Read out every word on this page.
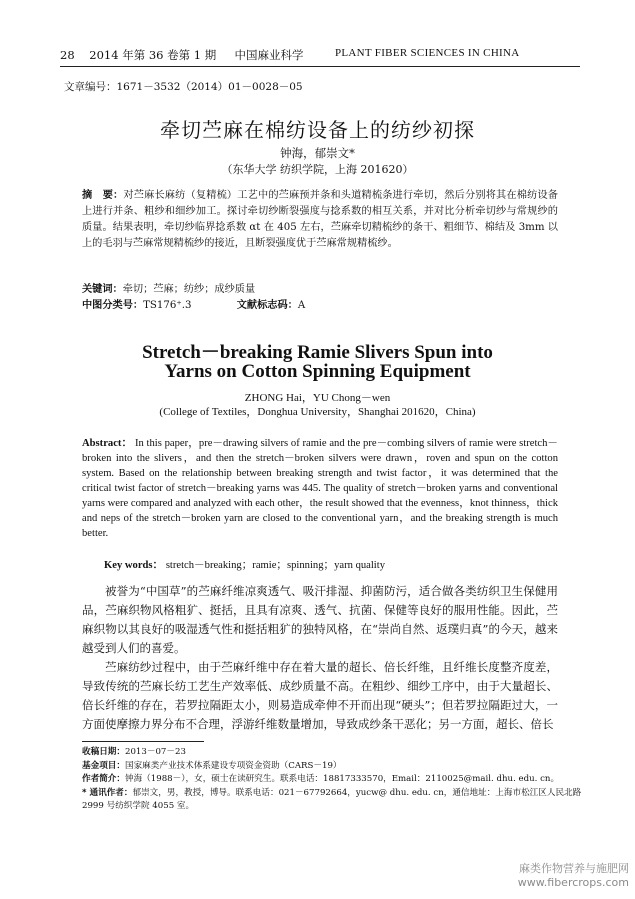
28 2014 年第 36 卷第 1 期 中国麻业科学	PLANT FIBER SCIENCES IN CHINA
文章编号：1671－3532（2014）01－0028－05
牵切苎麻在棉纺设备上的纺纱初探
钟海，郁崇文*
（东华大学 纺织学院，上海 201620）
摘　要：对苎麻长麻纺（复精梳）工艺中的苎麻预并条和头道精梳条进行牵切，然后分别将其在棉纺设备上进行并条、粗纱和细纱加工。探讨牵切纱断裂强度与捻系数的相互关系，并对比分析牵切纱与常规纱的质量。结果表明，牵切纱临界捻系数 αt 在 405 左右，苎麻牵切精梳纱的条干、粗细节、棉结及 3mm 以上的毛羽与苎麻常规精梳纱的接近，且断裂强度优于苎麻常规精梳纱。
关键词：牵切；苎麻；纺纱；成纱质量
中图分类号：TS176⁺.3	文献标志码：A
Stretch－breaking Ramie Slivers Spun into
Yarns on Cotton Spinning Equipment
ZHONG Hai，YU Chong－wen
(College of Textiles，Donghua University，Shanghai 201620，China)
Abstract： In this paper，pre－drawing silvers of ramie and the pre－combing silvers of ramie were stretch－broken into the slivers，and then the stretch－broken silvers were drawn，roven and spun on the cotton system. Based on the relationship between breaking strength and twist factor，it was determined that the critical twist factor of stretch－breaking yarns was 445. The quality of stretch－broken yarns and conventional yarns were compared and analyzed with each other，the result showed that the evenness，knot thinness，thick and neps of the stretch－broken yarn are closed to the conventional yarn，and the breaking strength is much better.
Key words： stretch－breaking；ramie；spinning；yarn quality

被誉为“中国草”的苎麻纤维凉爽透气、吸汗排湿、抑菌防污，适合做各类纺织卫生保健用品，苎麻织物风格粗犷、挺括，且具有凉爽、透气、抗菌、保健等良好的服用性能。因此，苎麻织物以其良好的吸湿透气性和挺括粗犷的独特风格，在“崇尚自然、返璞归真”的今天，越来越受到人们的喜爱。

苎麻纺纱过程中，由于苎麻纤维中存在着大量的超长、倍长纤维，且纤维长度整齐度差，导致传统的苎麻长纺工艺生产效率低、成纱质量不高。在粗纱、细纱工序中，由于大量超长、倍长纤维的存在，若罗拉隔距太小，则易造成牵伸不开而出现“硬头”；但若罗拉隔距过大，一方面使摩擦力界分布不合理，浮游纤维数量增加，导致成纱条干恶化；另一方面，超长、倍长

收稿日期：2013－07－23
基金项目：国家麻类产业技术体系建设专项资金资助（CARS－19）
作者简介：钟海（1988－），女，硕士在读研究生。联系电话：18817333570，Email：2110025@mail. dhu. edu. cn。
* 通讯作者：郁崇文，男，教授，博导。联系电话：021－67792664，yucw@ dhu. edu. cn，通信地址：上海市松江区人民北路
2999 号纺织学院 4055 室。
麻类作物营养与施肥网
www.fibercrops.com
